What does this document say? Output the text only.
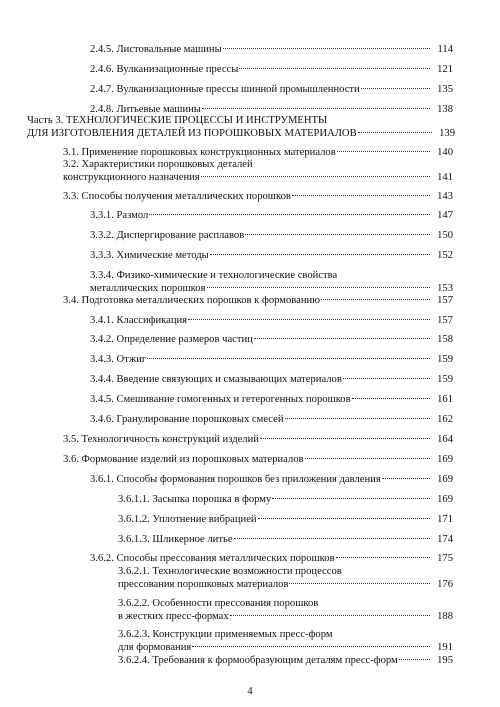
2.4.5. Листовальные машины	114
2.4.6. Вулканизационные прессы	121
2.4.7. Вулканизационные прессы шинной промышленности	135
2.4.8. Литьевые машины	138
Часть 3. ТЕХНОЛОГИЧЕСКИЕ ПРОЦЕССЫ И ИНСТРУМЕНТЫ
ДЛЯ ИЗГОТОВЛЕНИЯ ДЕТАЛЕЙ ИЗ ПОРОШКОВЫХ МАТЕРИАЛОВ	139
3.1. Применение порошковых конструкционных материалов	140
3.2. Характеристики порошковых деталей
конструкционного назначения	141
3.3. Способы получения металлических порошков	143
3.3.1. Размол	147
3.3.2. Диспергирование расплавов	150
3.3.3. Химические методы	152
3.3.4. Физико-химические и технологические свойства
металлических порошков	153
3.4. Подготовка металлических порошков к формованию	157
3.4.1. Классификация	157
3.4.2. Определение размеров частиц	158
3.4.3. Отжиг	159
3.4.4. Введение связующих и смазывающих материалов	159
3.4.5. Смешивание гомогенных и гетерогенных порошков	161
3.4.6. Гранулирование порошковых смесей	162
3.5. Технологичность конструкций изделий	164
3.6. Формование изделий из порошковых материалов	169
3.6.1. Способы формования порошков без приложения давления	169
3.6.1.1. Засыпка порошка в форму	169
3.6.1.2. Уплотнение вибрацией	171
3.6.1.3. Шликерное литье	174
3.6.2. Способы прессования металлических порошков	175
3.6.2.1. Технологические возможности процессов
прессования порошковых материалов	176
3.6.2.2. Особенности прессования порошков
в жестких пресс-формах	188
3.6.2.3. Конструкции применяемых пресс-форм
для формования	191
3.6.2.4. Требования к формообразующим деталям пресс-форм	195
4
